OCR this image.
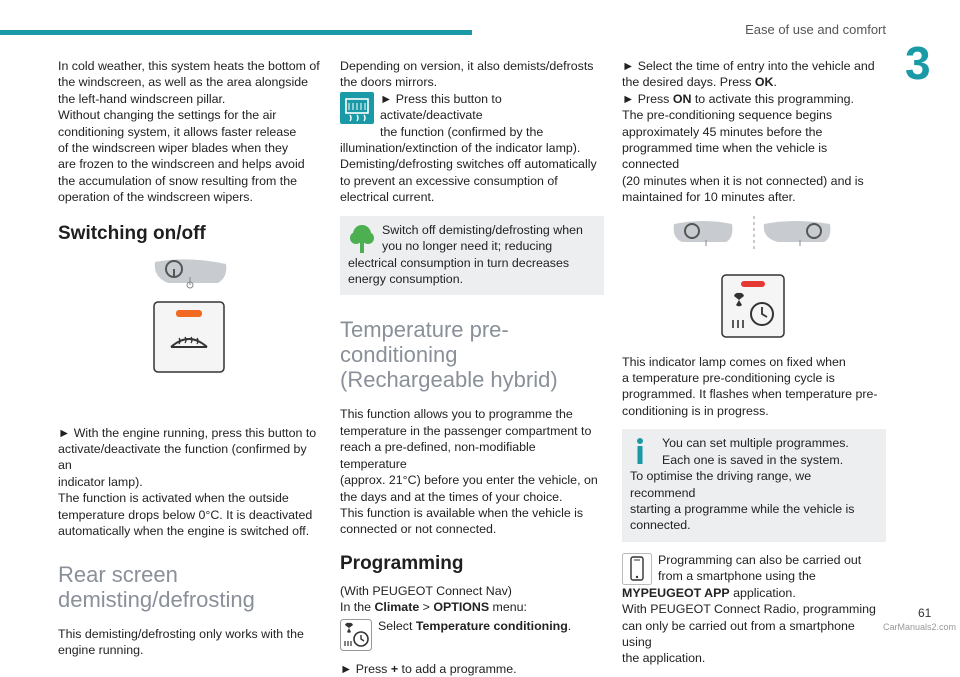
Ease of use and comfort
3

In cold weather, this system heats the bottom of

the windscreen, as well as the area alongside

the left-hand windscreen pillar.

Without changing the settings for the air

conditioning system, it allows faster release

of the windscreen wiper blades when they

are frozen to the windscreen and helps avoid

the accumulation of snow resulting from the

operation of the windscreen wipers.

Switching on/off

► With the engine running, press this button to

activate/deactivate the function (confirmed by an

indicator lamp).

The function is activated when the outside

temperature drops below 0°C. It is deactivated

automatically when the engine is switched off.

Rear screen demisting/defrosting

This demisting/defrosting only works with the

engine running.

Depending on version, it also demists/defrosts

the doors mirrors.

► Press this button to activate/deactivate

the function (confirmed by the

illumination/extinction of the indicator lamp).

Demisting/defrosting switches off automatically

to prevent an excessive consumption of

electrical current.

Switch off demisting/defrosting when

you no longer need it; reducing

electrical consumption in turn decreases

energy consumption.

Temperature pre-conditioning (Rechargeable hybrid)

This function allows you to programme the

temperature in the passenger compartment to

reach a pre-defined, non-modifiable temperature

(approx. 21°C) before you enter the vehicle, on

the days and at the times of your choice.

This function is available when the vehicle is

connected or not connected.

Programming

(With PEUGEOT Connect Nav)

In the Climate > OPTIONS menu:

Select Temperature conditioning.

► Press + to add a programme.

► Select the time of entry into the vehicle and

the desired days. Press OK.

► Press ON to activate this programming.

The pre-conditioning sequence begins

approximately 45 minutes before the

programmed time when the vehicle is connected

(20 minutes when it is not connected) and is

maintained for 10 minutes after.

This indicator lamp comes on fixed when

a temperature pre-conditioning cycle is

programmed. It flashes when temperature pre-

conditioning is in progress.

You can set multiple programmes.

Each one is saved in the system.

To optimise the driving range, we recommend

starting a programme while the vehicle is

connected.

Programming can also be carried out

from a smartphone using the

MYPEUGEOT APP application.

With PEUGEOT Connect Radio, programming

can only be carried out from a smartphone using

the application.

61
CarManuals2.com
